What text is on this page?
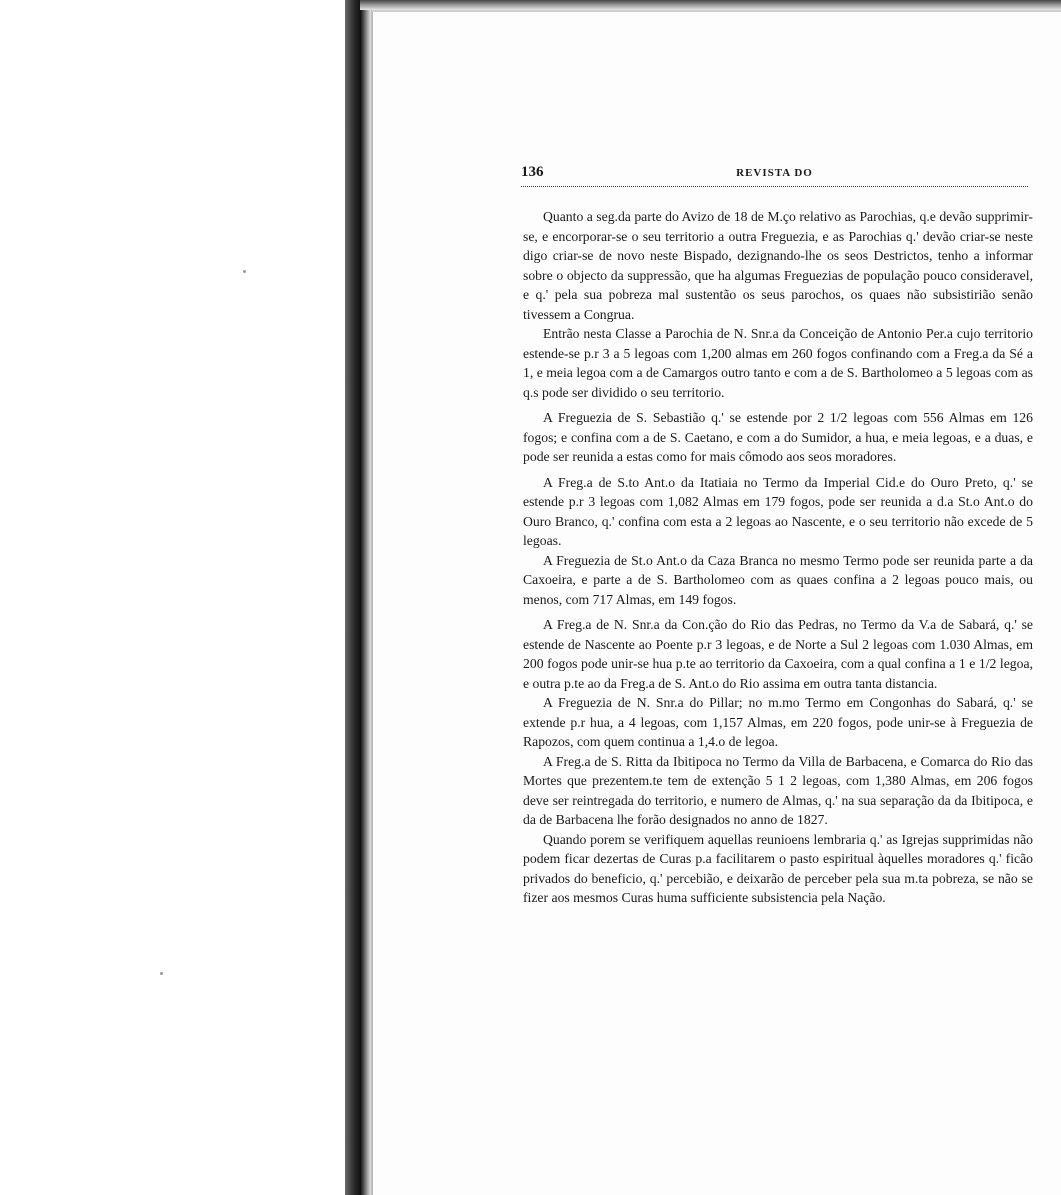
136	REVISTA DO

Quanto a seg.da parte do Avizo de 18 de M.ço relativo as Parochias, q.e devão supprimir-se, e encorporar-se o seu territorio a outra Freguezia, e as Parochias q.' devão criar-se neste digo criar-se de novo neste Bispado, dezignando-lhe os seos Destrictos, tenho a informar sobre o objecto da suppressão, que ha algumas Freguezias de população pouco consideravel, e q.' pela sua pobreza mal sustentão os seus parochos, os quaes não subsistirião senão tivessem a Congrua.

Entrão nesta Classe a Parochia de N. Snr.a da Conceição de Antonio Per.a cujo territorio estende-se p.r 3 a 5 legoas com 1,200 almas em 260 fogos confinando com a Freg.a da Sé a 1, e meia legoa com a de Camargos outro tanto e com a de S. Bartholomeo a 5 legoas com as q.s pode ser dividido o seu territorio.

A Freguezia de S. Sebastião q.' se estende por 2 1/2 legoas com 556 Almas em 126 fogos; e confina com a de S. Caetano, e com a do Sumidor, a hua, e meia legoas, e a duas, e pode ser reunida a estas como for mais cômodo aos seos moradores.

A Freg.a de S.to Ant.o da Itatiaia no Termo da Imperial Cid.e do Ouro Preto, q.' se estende p.r 3 legoas com 1,082 Almas em 179 fogos, pode ser reunida a d.a St.o Ant.o do Ouro Branco, q.' confina com esta a 2 legoas ao Nascente, e o seu territorio não excede de 5 legoas.

A Freguezia de St.o Ant.o da Caza Branca no mesmo Termo pode ser reunida parte a da Caxoeira, e parte a de S. Bartholomeo com as quaes confina a 2 legoas pouco mais, ou menos, com 717 Almas, em 149 fogos.

A Freg.a de N. Snr.a da Con.ção do Rio das Pedras, no Termo da V.a de Sabará, q.' se estende de Nascente ao Poente p.r 3 legoas, e de Norte a Sul 2 legoas com 1.030 Almas, em 200 fogos pode unir-se hua p.te ao territorio da Caxoeira, com a qual confina a 1 e 1/2 legoa, e outra p.te ao da Freg.a de S. Ant.o do Rio assima em outra tanta distancia.

A Freguezia de N. Snr.a do Pillar; no m.mo Termo em Congonhas do Sabará, q.' se extende p.r hua, a 4 legoas, com 1,157 Almas, em 220 fogos, pode unir-se à Freguezia de Rapozos, com quem continua a 1,4.o de legoa.

A Freg.a de S. Ritta da Ibitipoca no Termo da Villa de Barbacena, e Comarca do Rio das Mortes que prezentem.te tem de extenção 5 1 2 legoas, com 1,380 Almas, em 206 fogos deve ser reintregada do territorio, e numero de Almas, q.' na sua separação da da Ibitipoca, e da de Barbacena lhe forão designados no anno de 1827.

Quando porem se verifiquem aquellas reunioens lembraria q.' as Igrejas supprimidas não podem ficar dezertas de Curas p.a facilitarem o pasto espiritual àquelles moradores q.' ficão privados do beneficio, q.' percebião, e deixarão de perceber pela sua m.ta pobreza, se não se fizer aos mesmos Curas huma sufficiente subsistencia pela Nação.
